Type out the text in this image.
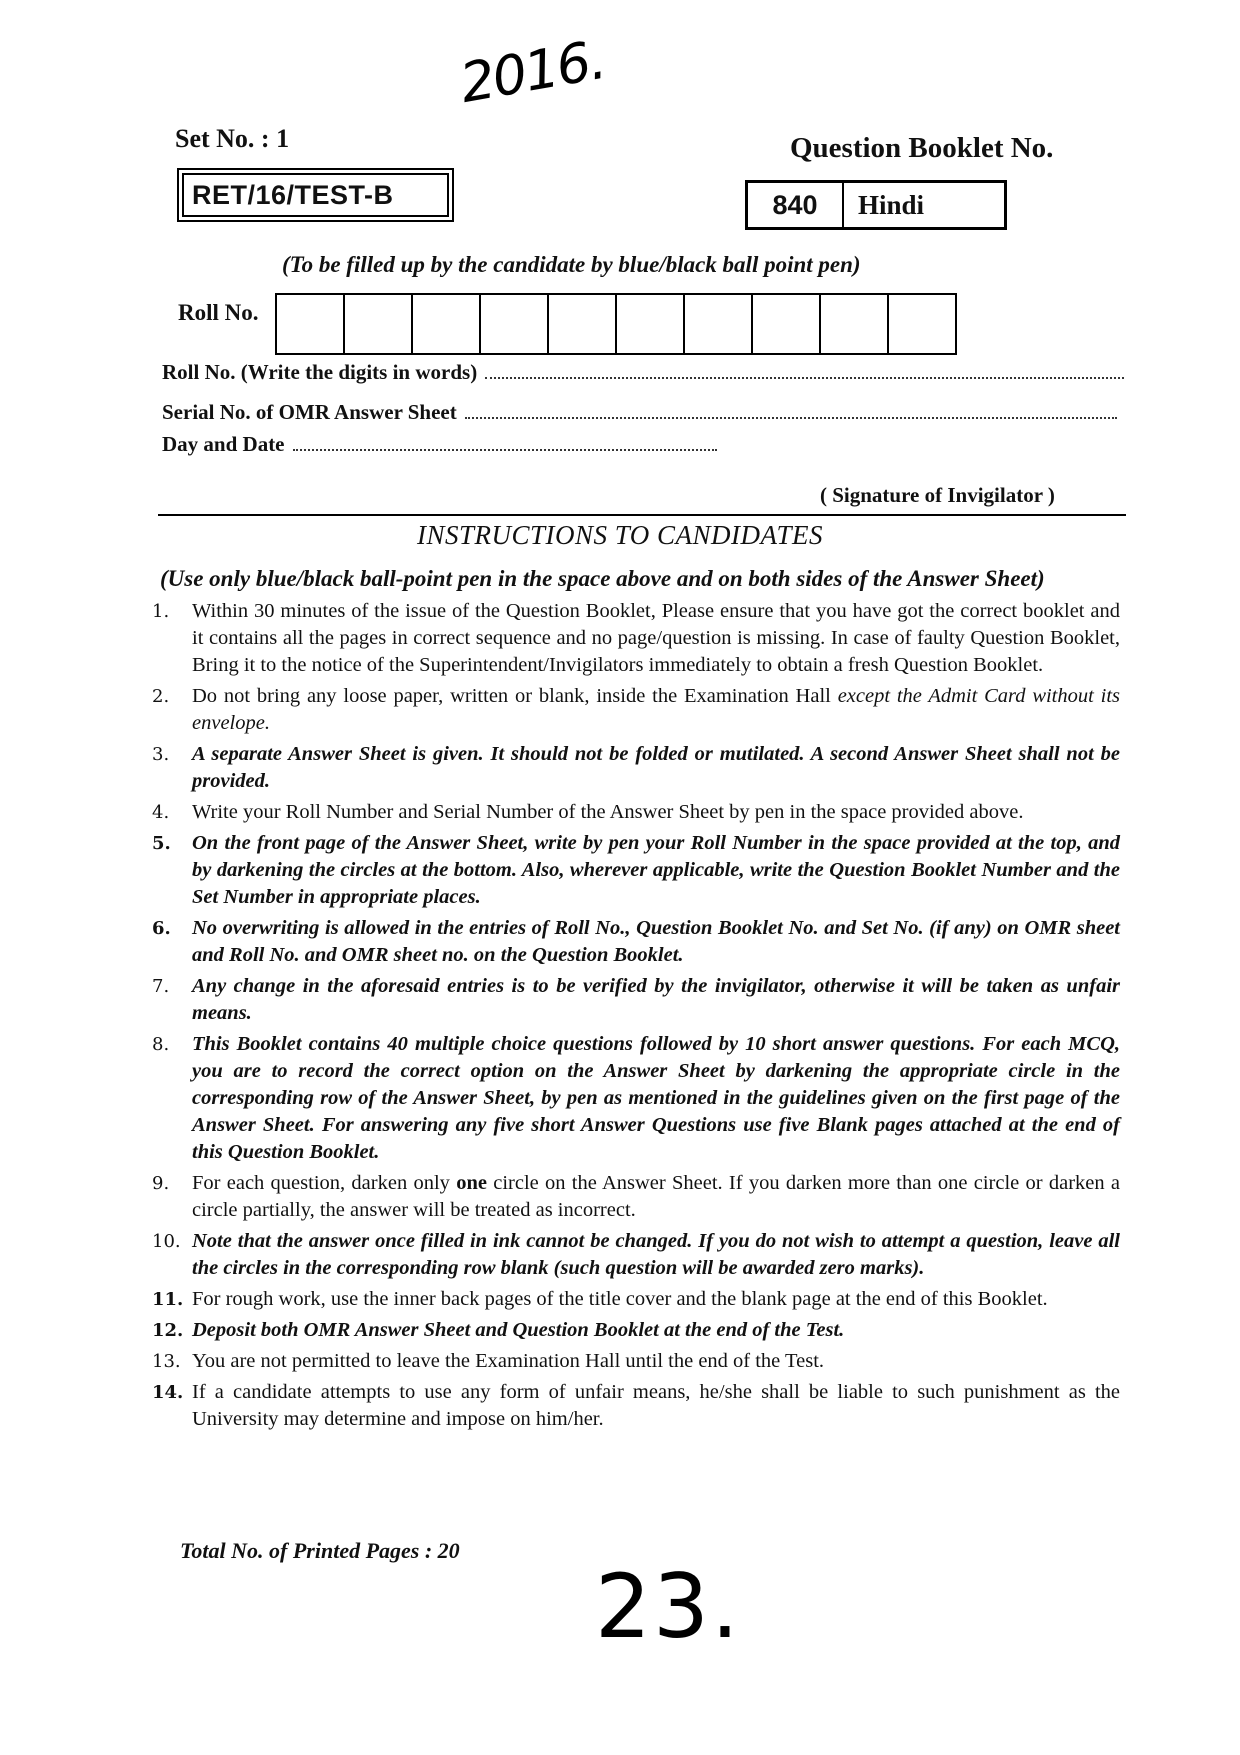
2016.
Set No. : 1
RET/16/TEST-B
Question Booklet No.
840	Hindi
(To be filled up by the candidate by blue/black ball point pen)
Roll No.
Roll No. (Write the digits in words)
Serial No. of OMR Answer Sheet
Day and Date
( Signature of Invigilator )
INSTRUCTIONS TO CANDIDATES
(Use only blue/black ball-point pen in the space above and on both sides of the Answer Sheet)
1.	Within 30 minutes of the issue of the Question Booklet, Please ensure that you have got the correct booklet and it contains all the pages in correct sequence and no page/question is missing. In case of faulty Question Booklet, Bring it to the notice of the Superintendent/Invigilators immediately to obtain a fresh Question Booklet.
2.	Do not bring any loose paper, written or blank, inside the Examination Hall except the Admit Card without its envelope.
3.	A separate Answer Sheet is given. It should not be folded or mutilated. A second Answer Sheet shall not be provided.
4.	Write your Roll Number and Serial Number of the Answer Sheet by pen in the space provided above.
5.	On the front page of the Answer Sheet, write by pen your Roll Number in the space provided at the top, and by darkening the circles at the bottom. Also, wherever applicable, write the Question Booklet Number and the Set Number in appropriate places.
6.	No overwriting is allowed in the entries of Roll No., Question Booklet No. and Set No. (if any) on OMR sheet and Roll No. and OMR sheet no. on the Question Booklet.
7.	Any change in the aforesaid entries is to be verified by the invigilator, otherwise it will be taken as unfair means.
8.	This Booklet contains 40 multiple choice questions followed by 10 short answer questions. For each MCQ, you are to record the correct option on the Answer Sheet by darkening the appropriate circle in the corresponding row of the Answer Sheet, by pen as mentioned in the guidelines given on the first page of the Answer Sheet. For answering any five short Answer Questions use five Blank pages attached at the end of this Question Booklet.
9.	For each question, darken only one circle on the Answer Sheet. If you darken more than one circle or darken a circle partially, the answer will be treated as incorrect.
10. Note that the answer once filled in ink cannot be changed. If you do not wish to attempt a question, leave all the circles in the corresponding row blank (such question will be awarded zero marks).
11. For rough work, use the inner back pages of the title cover and the blank page at the end of this Booklet.
12. Deposit both OMR Answer Sheet and Question Booklet at the end of the Test.
13. You are not permitted to leave the Examination Hall until the end of the Test.
14. If a candidate attempts to use any form of unfair means, he/she shall be liable to such punishment as the University may determine and impose on him/her.
Total No. of Printed Pages : 20
23.
